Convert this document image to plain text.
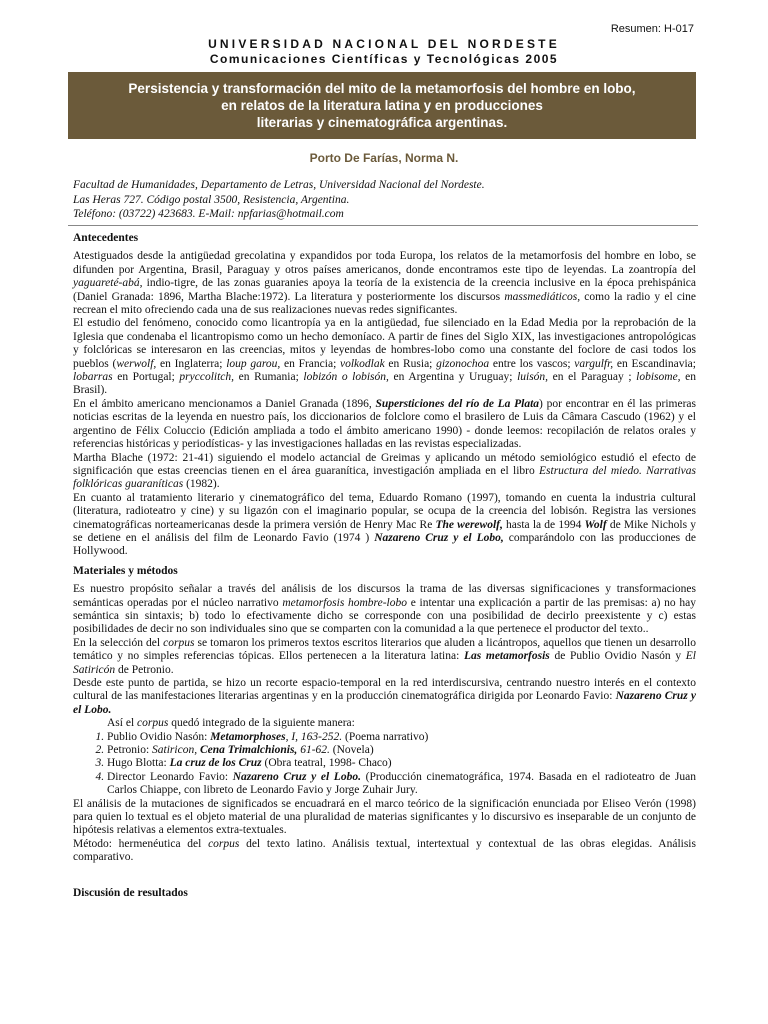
Resumen: H-017
UNIVERSIDAD NACIONAL DEL NORDESTE
Comunicaciones Científicas y Tecnológicas 2005
Persistencia y transformación del mito de la metamorfosis del hombre en lobo,
en relatos de la literatura latina y en producciones
literarias y cinematográfica argentinas.
Porto De Farías, Norma N.
Facultad de Humanidades, Departamento de Letras, Universidad Nacional del Nordeste.
Las Heras 727. Código postal 3500, Resistencia, Argentina.
Teléfono: (03722) 423683. E-Mail: npfarias@hotmail.com

Antecedentes

Atestiguados desde la antigüedad grecolatina y expandidos por toda Europa, los relatos de la metamorfosis del hombre en lobo, se difunden por Argentina, Brasil, Paraguay y otros países americanos, donde encontramos este tipo de leyendas. La zoantropía del yaguareté-abá, indio-tigre, de las zonas guaranies apoya la teoría de la existencia de la creencia inclusive en la época prehispánica (Daniel Granada: 1896, Martha Blache:1972). La literatura y posteriormente los discursos massmediáticos, como la radio y el cine recrean el mito ofreciendo cada una de sus realizaciones nuevas redes significantes.

El estudio del fenómeno, conocido como licantropía ya en la antigüedad, fue silenciado en la Edad Media por la reprobación de la Iglesia que condenaba el licantropismo como un hecho demoníaco. A partir de fines del Siglo XIX, las investigaciones antropológicas y folclóricas se interesaron en las creencias, mitos y leyendas de hombres-lobo como una constante del foclore de casi todos los pueblos (werwolf, en Inglaterra; loup garou, en Francia; volkodlak en Rusia; gizonochoa entre los vascos; vargulfr, en Escandinavia; lobarras en Portugal; pryccolitch, en Rumania; lobizón o lobisón, en Argentina y Uruguay; luisón, en el Paraguay ; lobisome, en Brasil).

En el ámbito americano mencionamos a Daniel Granada (1896, Supersticiones del río de La Plata) por encontrar en él las primeras noticias escritas de la leyenda en nuestro país, los diccionarios de folclore como el brasilero de Luis da Câmara Cascudo (1962) y el argentino de Félix Coluccio (Edición ampliada a todo el ámbito americano 1990) - donde leemos: recopilación de relatos orales y referencias históricas y periodísticas- y las investigaciones halladas en las revistas especializadas.

Martha Blache (1972: 21-41) siguiendo el modelo actancial de Greimas y aplicando un método semiológico estudió el efecto de significación que estas creencias tienen en el área guaranítica, investigación ampliada en el libro Estructura del miedo. Narrativas folklóricas guaraníticas (1982).

En cuanto al tratamiento literario y cinematográfico del tema, Eduardo Romano (1997), tomando en cuenta la industria cultural (literatura, radioteatro y cine) y su ligazón con el imaginario popular, se ocupa de la creencia del lobisón. Registra las versiones cinematográficas norteamericanas desde la primera versión de Henry Mac Re The werewolf, hasta la de 1994 Wolf de Mike Nichols y se detiene en el análisis del film de Leonardo Favio (1974 ) Nazareno Cruz y el Lobo, comparándolo con las producciones de Hollywood.

Materiales y métodos

Es nuestro propósito señalar a través del análisis de los discursos la trama de las diversas significaciones y transformaciones semánticas operadas por el núcleo narrativo metamorfosis hombre-lobo e intentar una explicación a partir de las premisas: a) no hay semántica sin sintaxis; b) todo lo efectivamente dicho se corresponde con una posibilidad de decirlo preexistente y c) estas posibilidades de decir no son individuales sino que se comparten con la comunidad a la que pertenece el productor del texto..

En la selección del corpus se tomaron los primeros textos escritos literarios que aluden a licántropos, aquellos que tienen un desarrollo temático y no simples referencias tópicas. Ellos pertenecen a la literatura latina: Las metamorfosis de Publio Ovidio Nasón y El Satiricón de Petronio.

Desde este punto de partida, se hizo un recorte espacio-temporal en la red interdiscursiva, centrando nuestro interés en el contexto cultural de las manifestaciones literarias argentinas y en la producción cinematográfica dirigida por Leonardo Favio: Nazareno Cruz y el Lobo.

Así el corpus quedó integrado de la siguiente manera:

1. Publio Ovidio Nasón: Metamorphoses, I, 163-252. (Poema narrativo)
2. Petronio: Satiricon, Cena Trimalchionis, 61-62. (Novela)
3. Hugo Blotta: La cruz de los Cruz (Obra teatral, 1998- Chaco)
4. Director Leonardo Favio: Nazareno Cruz y el Lobo. (Producción cinematográfica, 1974. Basada en el radioteatro de Juan Carlos Chiappe, con libreto de Leonardo Favio y Jorge Zuhair Jury.

El análisis de la mutaciones de significados se encuadrará en el marco teórico de la significación enunciada por Eliseo Verón (1998) para quien lo textual es el objeto material de una pluralidad de materias significantes y lo discursivo es inseparable de un conjunto de hipótesis relativas a elementos extra-textuales.

Método: hermenéutica del corpus del texto latino. Análisis textual, intertextual y contextual de las obras elegidas. Análisis comparativo.

Discusión de resultados
